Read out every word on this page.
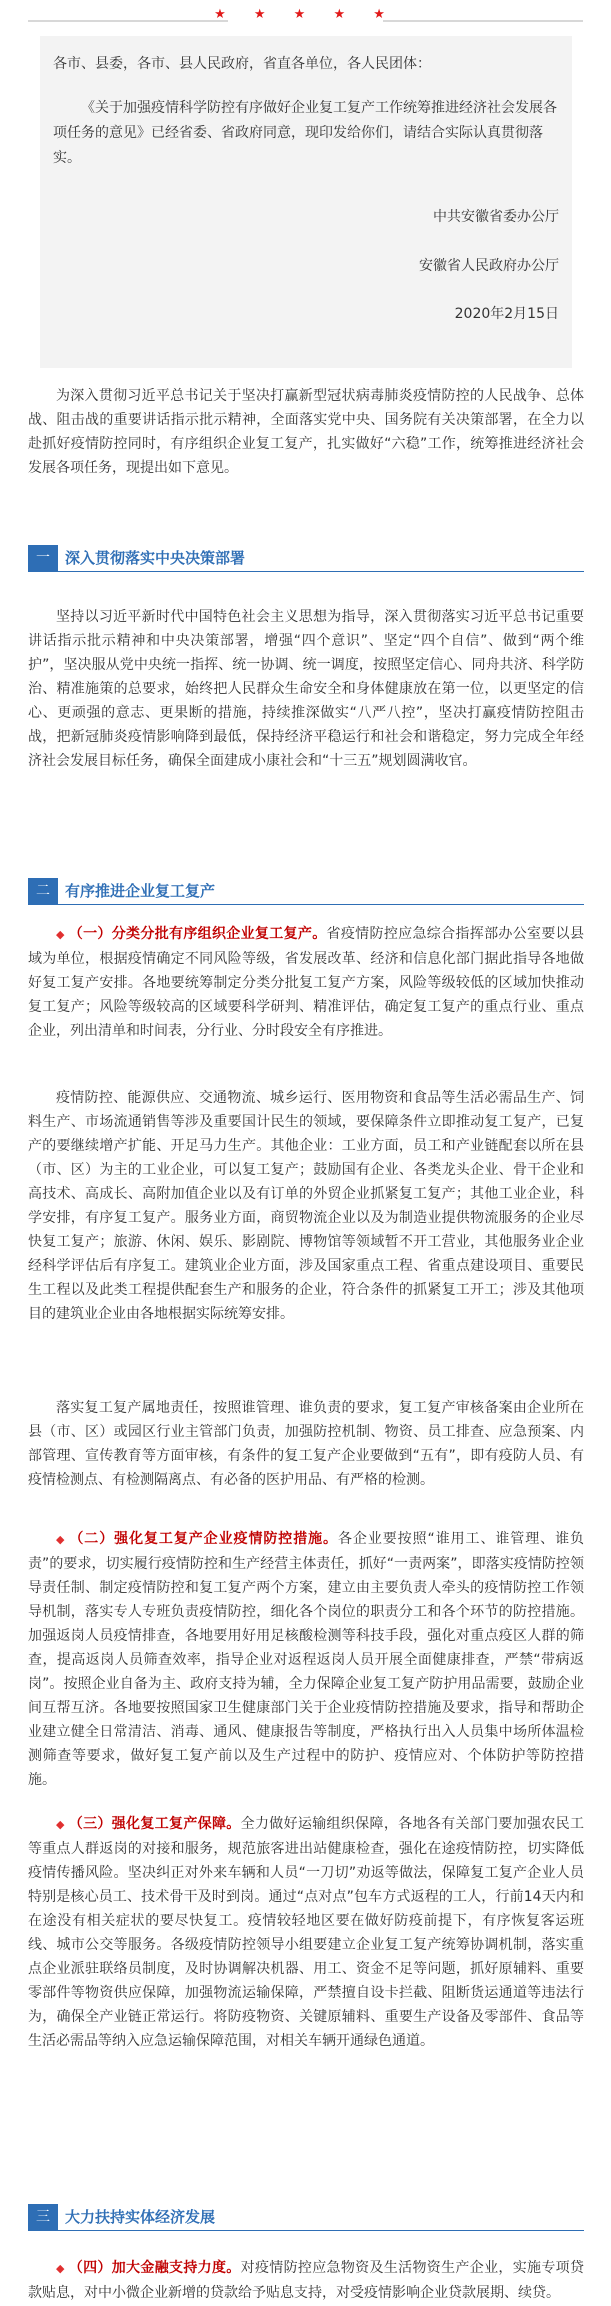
★ ★ ★ ★ ★
各市、县委，各市、县人民政府，省直各单位，各人民团体：
《关于加强疫情科学防控有序做好企业复工复产工作统筹推进经济社会发展各项任务的意见》已经省委、省政府同意，现印发给你们，请结合实际认真贯彻落实。
中共安徽省委办公厅
安徽省人民政府办公厅
2020年2月15日
为深入贯彻习近平总书记关于坚决打赢新型冠状病毒肺炎疫情防控的人民战争、总体战、阻击战的重要讲话指示批示精神，全面落实党中央、国务院有关决策部署，在全力以赴抓好疫情防控同时，有序组织企业复工复产，扎实做好“六稳”工作，统筹推进经济社会发展各项任务，现提出如下意见。
一	深入贯彻落实中央决策部署
坚持以习近平新时代中国特色社会主义思想为指导，深入贯彻落实习近平总书记重要讲话指示批示精神和中央决策部署，增强“四个意识”、坚定“四个自信”、做到“两个维护”，坚决服从党中央统一指挥、统一协调、统一调度，按照坚定信心、同舟共济、科学防治、精准施策的总要求，始终把人民群众生命安全和身体健康放在第一位，以更坚定的信心、更顽强的意志、更果断的措施，持续推深做实“八严八控”，坚决打赢疫情防控阻击战，把新冠肺炎疫情影响降到最低，保持经济平稳运行和社会和谐稳定，努力完成全年经济社会发展目标任务，确保全面建成小康社会和“十三五”规划圆满收官。
二	有序推进企业复工复产
◆ （一）分类分批有序组织企业复工复产。省疫情防控应急综合指挥部办公室要以县域为单位，根据疫情确定不同风险等级，省发展改革、经济和信息化部门据此指导各地做好复工复产安排。各地要统筹制定分类分批复工复产方案，风险等级较低的区域加快推动复工复产；风险等级较高的区域要科学研判、精准评估，确定复工复产的重点行业、重点企业，列出清单和时间表，分行业、分时段安全有序推进。
疫情防控、能源供应、交通物流、城乡运行、医用物资和食品等生活必需品生产、饲料生产、市场流通销售等涉及重要国计民生的领域，要保障条件立即推动复工复产，已复产的要继续增产扩能、开足马力生产。其他企业：工业方面，员工和产业链配套以所在县（市、区）为主的工业企业，可以复工复产；鼓励国有企业、各类龙头企业、骨干企业和高技术、高成长、高附加值企业以及有订单的外贸企业抓紧复工复产；其他工业企业，科学安排，有序复工复产。服务业方面，商贸物流企业以及为制造业提供物流服务的企业尽快复工复产；旅游、休闲、娱乐、影剧院、博物馆等领域暂不开工营业，其他服务业企业经科学评估后有序复工。建筑业企业方面，涉及国家重点工程、省重点建设项目、重要民生工程以及此类工程提供配套生产和服务的企业，符合条件的抓紧复工开工；涉及其他项目的建筑业企业由各地根据实际统筹安排。
落实复工复产属地责任，按照谁管理、谁负责的要求，复工复产审核备案由企业所在县（市、区）或园区行业主管部门负责，加强防控机制、物资、员工排查、应急预案、内部管理、宣传教育等方面审核，有条件的复工复产企业要做到“五有”，即有疫防人员、有疫情检测点、有检测隔离点、有必备的医护用品、有严格的检测。
◆ （二）强化复工复产企业疫情防控措施。各企业要按照“谁用工、谁管理、谁负责”的要求，切实履行疫情防控和生产经营主体责任，抓好“一责两案”，即落实疫情防控领导责任制、制定疫情防控和复工复产两个方案，建立由主要负责人牵头的疫情防控工作领导机制，落实专人专班负责疫情防控，细化各个岗位的职责分工和各个环节的防控措施。加强返岗人员疫情排查，各地要用好用足核酸检测等科技手段，强化对重点疫区人群的筛查，提高返岗人员筛查效率，指导企业对返程返岗人员开展全面健康排查，严禁“带病返岗”。按照企业自备为主、政府支持为辅，全力保障企业复工复产防护用品需要，鼓励企业间互帮互济。各地要按照国家卫生健康部门关于企业疫情防控措施及要求，指导和帮助企业建立健全日常清洁、消毒、通风、健康报告等制度，严格执行出入人员集中场所体温检测筛查等要求，做好复工复产前以及生产过程中的防护、疫情应对、个体防护等防控措施。
◆ （三）强化复工复产保障。全力做好运输组织保障，各地各有关部门要加强农民工等重点人群返岗的对接和服务，规范旅客进出站健康检查，强化在途疫情防控，切实降低疫情传播风险。坚决纠正对外来车辆和人员“一刀切”劝返等做法，保障复工复产企业人员特别是核心员工、技术骨干及时到岗。通过“点对点”包车方式返程的工人，行前14天内和在途没有相关症状的要尽快复工。疫情较轻地区要在做好防疫前提下，有序恢复客运班线、城市公交等服务。各级疫情防控领导小组要建立企业复工复产统筹协调机制，落实重点企业派驻联络员制度，及时协调解决机器、用工、资金不足等问题，抓好原辅料、重要零部件等物资供应保障，加强物流运输保障，严禁擅自设卡拦截、阻断货运通道等违法行为，确保全产业链正常运行。将防疫物资、关键原辅料、重要生产设备及零部件、食品等生活必需品等纳入应急运输保障范围，对相关车辆开通绿色通道。
三	大力扶持实体经济发展
◆ （四）加大金融支持力度。对疫情防控应急物资及生活物资生产企业，实施专项贷款贴息，对中小微企业新增的贷款给予贴息支持，对受疫情影响企业贷款展期、续贷。
